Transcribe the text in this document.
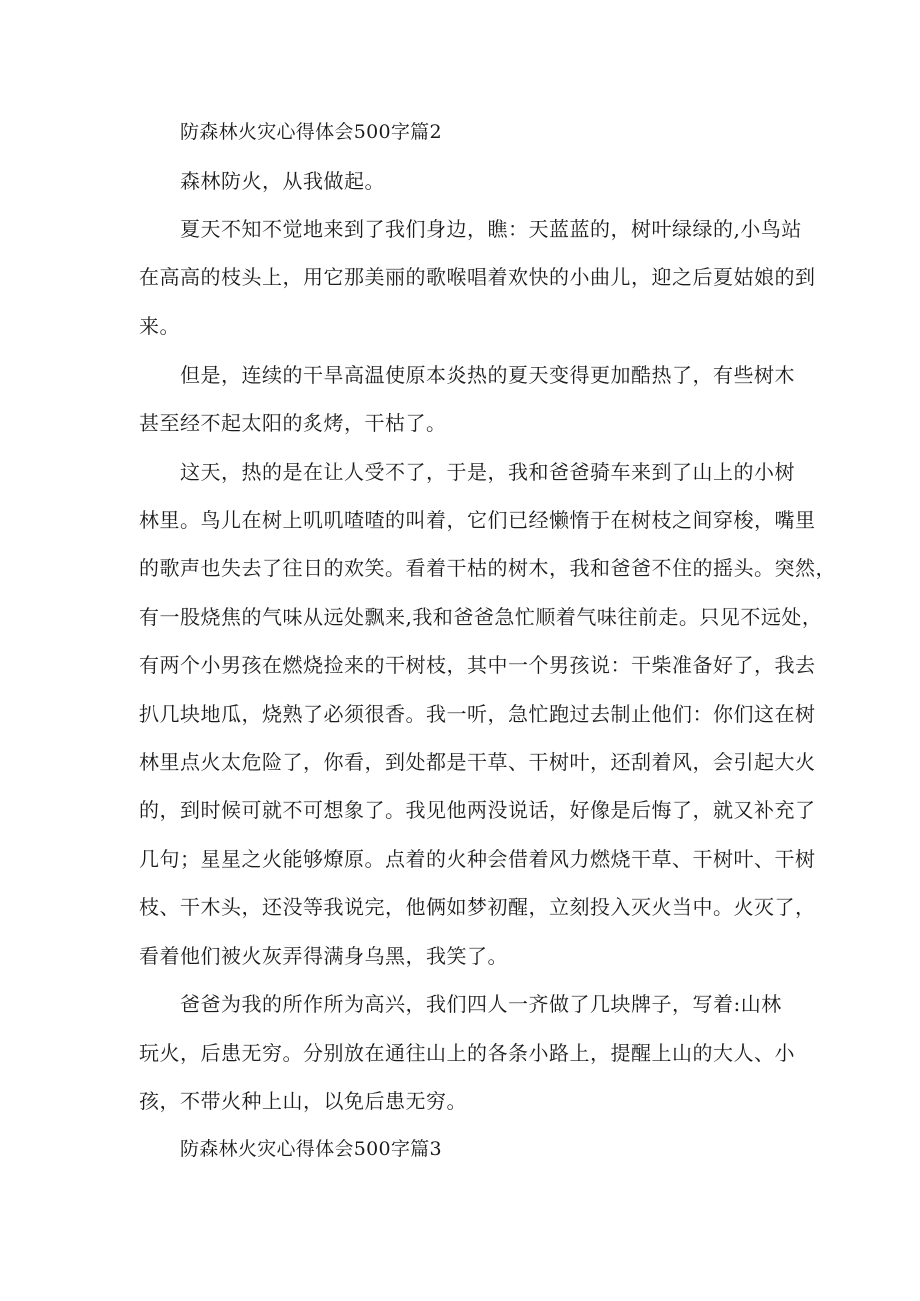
防森林火灾心得体会500字篇2
森林防火，从我做起。
夏天不知不觉地来到了我们身边，瞧：天蓝蓝的，树叶绿绿的,小鸟站
在高高的枝头上，用它那美丽的歌喉唱着欢快的小曲儿，迎之后夏姑娘的到
来。
但是，连续的干旱高温使原本炎热的夏天变得更加酷热了，有些树木
甚至经不起太阳的炙烤，干枯了。
这天，热的是在让人受不了，于是，我和爸爸骑车来到了山上的小树
林里。鸟儿在树上叽叽喳喳的叫着，它们已经懒惰于在树枝之间穿梭，嘴里
的歌声也失去了往日的欢笑。看着干枯的树木，我和爸爸不住的摇头。突然，
有一股烧焦的气味从远处飘来,我和爸爸急忙顺着气味往前走。只见不远处，
有两个小男孩在燃烧捡来的干树枝，其中一个男孩说：干柴准备好了，我去
扒几块地瓜，烧熟了必须很香。我一听，急忙跑过去制止他们：你们这在树
林里点火太危险了，你看，到处都是干草、干树叶，还刮着风，会引起大火
的，到时候可就不可想象了。我见他两没说话，好像是后悔了，就又补充了
几句；星星之火能够燎原。点着的火种会借着风力燃烧干草、干树叶、干树
枝、干木头，还没等我说完，他俩如梦初醒，立刻投入灭火当中。火灭了，
看着他们被火灰弄得满身乌黑，我笑了。
爸爸为我的所作所为高兴，我们四人一齐做了几块牌子，写着:山林
玩火，后患无穷。分别放在通往山上的各条小路上，提醒上山的大人、小
孩，不带火种上山，以免后患无穷。
防森林火灾心得体会500字篇3
